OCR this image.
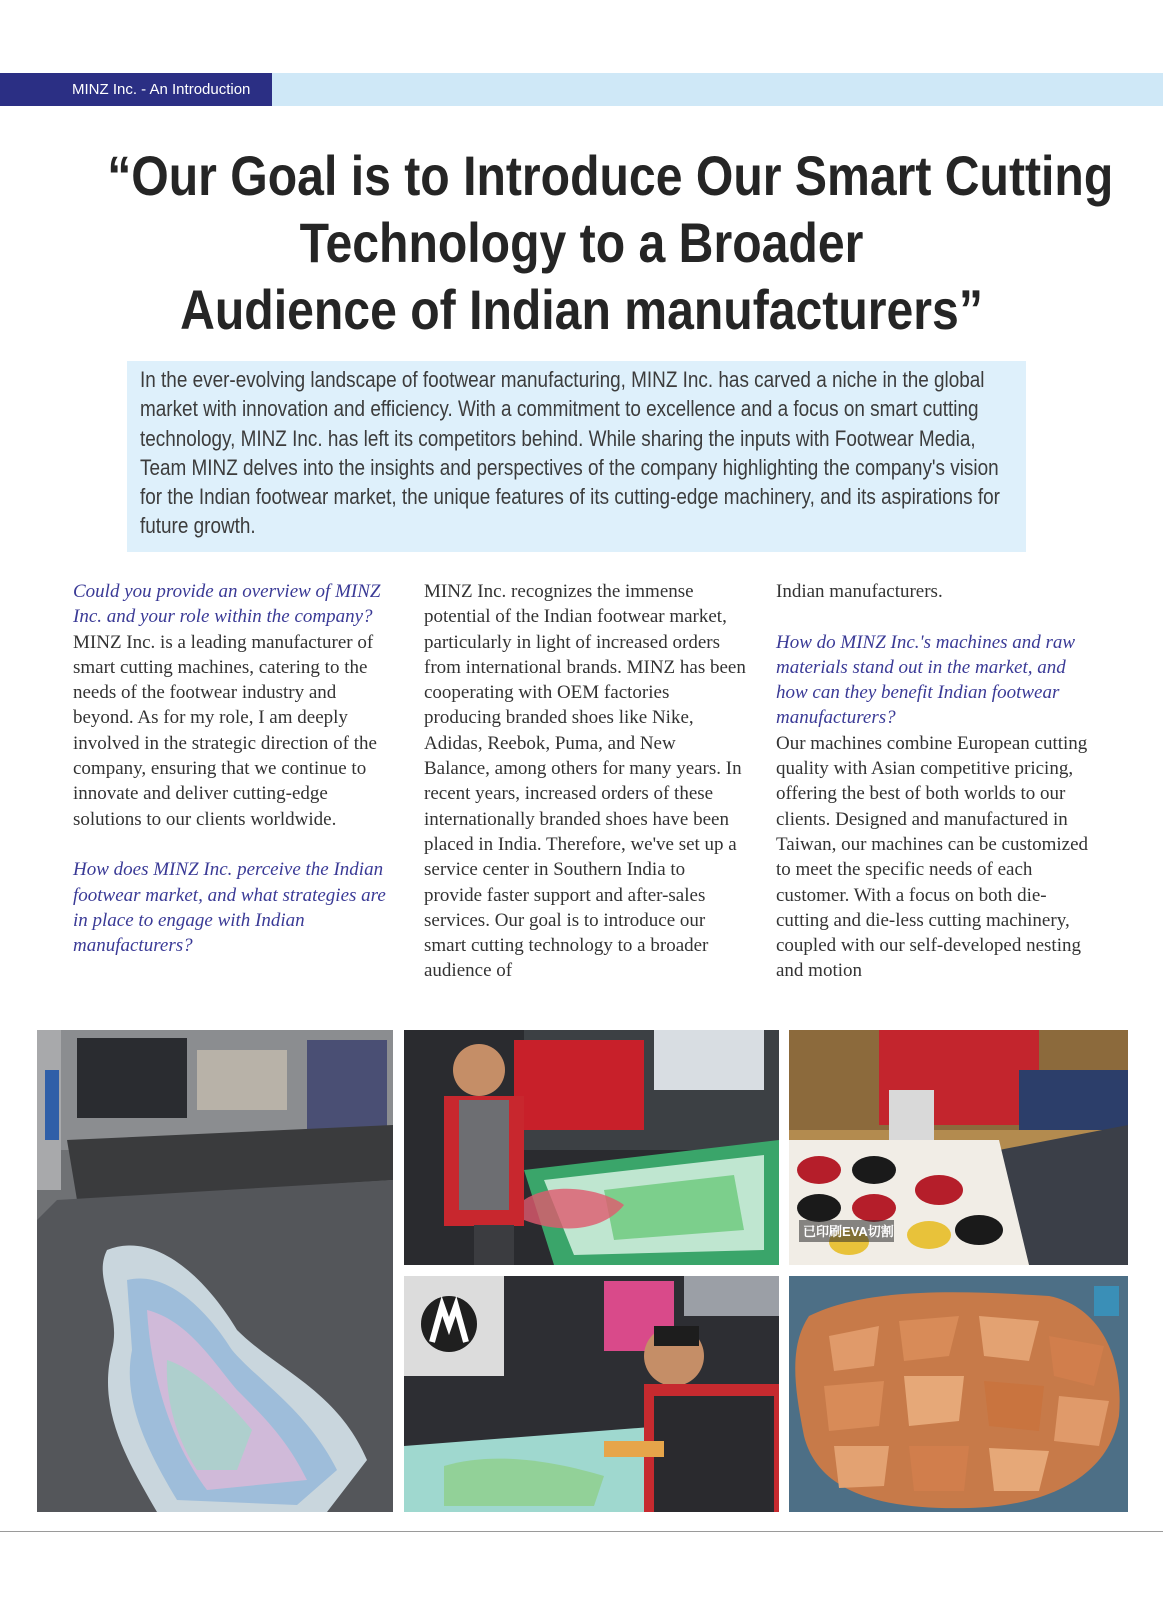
MINZ Inc. - An Introduction
“Our Goal is to Introduce Our Smart Cutting
Technology to a Broader
Audience of Indian manufacturers”

In the ever-evolving landscape of footwear manufacturing, MINZ Inc. has carved a niche in the global market with innovation and efficiency. With a commitment to excellence and a focus on smart cutting technology, MINZ Inc. has left its competitors behind. While sharing the inputs with Footwear Media, Team MINZ delves into the insights and perspectives of the company highlighting the company's vision for the Indian footwear market, the unique features of its cutting-edge machinery, and its aspirations for future growth.

Could you provide an overview of MINZ Inc. and your role within the company?

MINZ Inc. is a leading manufacturer of smart cutting machines, catering to the needs of the footwear industry and beyond. As for my role, I am deeply involved in the strategic direction of the company, ensuring that we continue to innovate and deliver cutting-edge solutions to our clients worldwide.

How does MINZ Inc. perceive the Indian footwear market, and what strategies are in place to engage with Indian manufacturers?

MINZ Inc. recognizes the immense potential of the Indian footwear market, particularly in light of increased orders from international brands. MINZ has been cooperating with OEM factories producing branded shoes like Nike, Adidas, Reebok, Puma, and New Balance, among others for many years. In recent years, increased orders of these internationally branded shoes have been placed in India. Therefore, we've set up a service center in Southern India to provide faster support and after-sales services. Our goal is to introduce our smart cutting technology to a broader audience of

Indian manufacturers.

How do MINZ Inc.'s machines and raw materials stand out in the market, and how can they benefit Indian footwear manufacturers?

Our machines combine European cutting quality with Asian competitive pricing, offering the best of both worlds to our clients. Designed and manufactured in Taiwan, our machines can be customized to meet the specific needs of each customer. With a focus on both die-cutting and die-less cutting machinery, coupled with our self-developed nesting and motion

已印刷EVA切割
